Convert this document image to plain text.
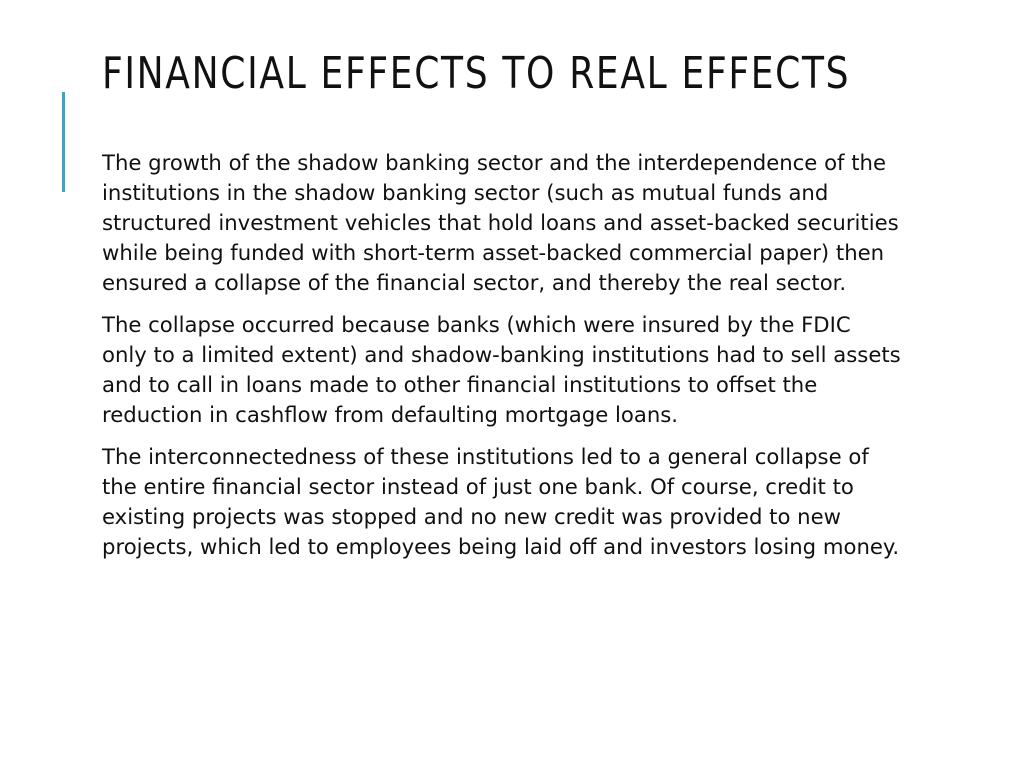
FINANCIAL EFFECTS TO REAL EFFECTS

The growth of the shadow banking sector and the interdependence of the institutions in the shadow banking sector (such as mutual funds and structured investment vehicles that hold loans and asset-backed securities while being funded with short-term asset-backed commercial paper) then ensured a collapse of the financial sector, and thereby the real sector.

The collapse occurred because banks (which were insured by the FDIC only to a limited extent) and shadow-banking institutions had to sell assets and to call in loans made to other financial institutions to offset the reduction in cashflow from defaulting mortgage loans.

The interconnectedness of these institutions led to a general collapse of the entire financial sector instead of just one bank. Of course, credit to existing projects was stopped and no new credit was provided to new projects, which led to employees being laid off and investors losing money.
